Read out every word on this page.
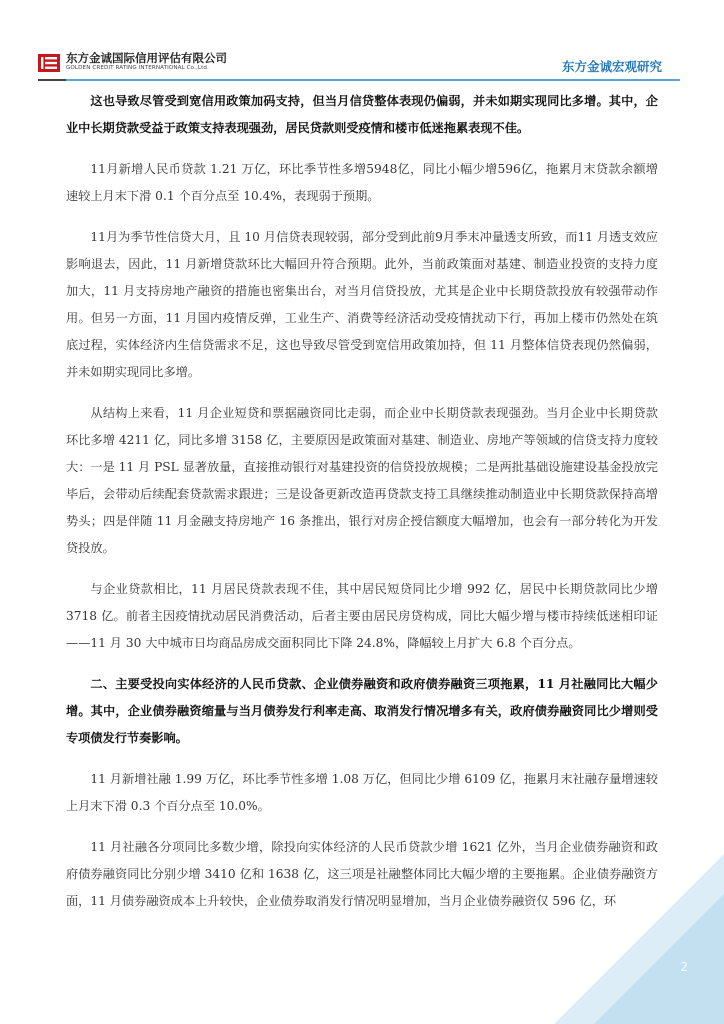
东方金诚国际信用评估有限公司
GOLDEN CREDIT RATING INTERNATIONAL Co.,Ltd.	东方金诚宏观研究

这也导致尽管受到宽信用政策加码支持，但当月信贷整体表现仍偏弱，并未如期实现同比多增。其中，企业中长期贷款受益于政策支持表现强劲，居民贷款则受疫情和楼市低迷拖累表现不佳。

11月新增人民币贷款 1.21 万亿，环比季节性多增5948亿，同比小幅少增596亿，拖累月末贷款余额增速较上月末下滑 0.1 个百分点至 10.4%，表现弱于预期。

11月为季节性信贷大月，且 10 月信贷表现较弱，部分受到此前9月季末冲量透支所致，而11 月透支效应影响退去，因此，11 月新增贷款环比大幅回升符合预期。此外，当前政策面对基建、制造业投资的支持力度加大，11 月支持房地产融资的措施也密集出台，对当月信贷投放，尤其是企业中长期贷款投放有较强带动作用。但另一方面，11 月国内疫情反弹，工业生产、消费等经济活动受疫情扰动下行，再加上楼市仍然处在筑底过程，实体经济内生信贷需求不足，这也导致尽管受到宽信用政策加持，但 11 月整体信贷表现仍然偏弱，并未如期实现同比多增。

从结构上来看，11 月企业短贷和票据融资同比走弱，而企业中长期贷款表现强劲。当月企业中长期贷款环比多增 4211 亿，同比多增 3158 亿，主要原因是政策面对基建、制造业、房地产等领域的信贷支持力度较大：一是 11 月 PSL 显著放量，直接推动银行对基建投资的信贷投放规模；二是两批基础设施建设基金投放完毕后，会带动后续配套贷款需求跟进；三是设备更新改造再贷款支持工具继续推动制造业中长期贷款保持高增势头；四是伴随 11 月金融支持房地产 16 条推出，银行对房企授信额度大幅增加，也会有一部分转化为开发贷投放。

与企业贷款相比，11 月居民贷款表现不佳，其中居民短贷同比少增 992 亿，居民中长期贷款同比少增 3718 亿。前者主因疫情扰动居民消费活动，后者主要由居民房贷构成，同比大幅少增与楼市持续低迷相印证——11 月 30 大中城市日均商品房成交面积同比下降 24.8%，降幅较上月扩大 6.8 个百分点。

二、主要受投向实体经济的人民币贷款、企业债券融资和政府债券融资三项拖累，11 月社融同比大幅少增。其中，企业债券融资缩量与当月债券发行利率走高、取消发行情况增多有关，政府债券融资同比少增则受专项债发行节奏影响。

11 月新增社融 1.99 万亿，环比季节性多增 1.08 万亿，但同比少增 6109 亿，拖累月末社融存量增速较上月末下滑 0.3 个百分点至 10.0%。

11 月社融各分项同比多数少增，除投向实体经济的人民币贷款少增 1621 亿外，当月企业债券融资和政府债券融资同比分别少增 3410 亿和 1638 亿，这三项是社融整体同比大幅少增的主要拖累。企业债券融资方面，11 月债券融资成本上升较快，企业债券取消发行情况明显增加，当月企业债券融资仅 596 亿，环

2
